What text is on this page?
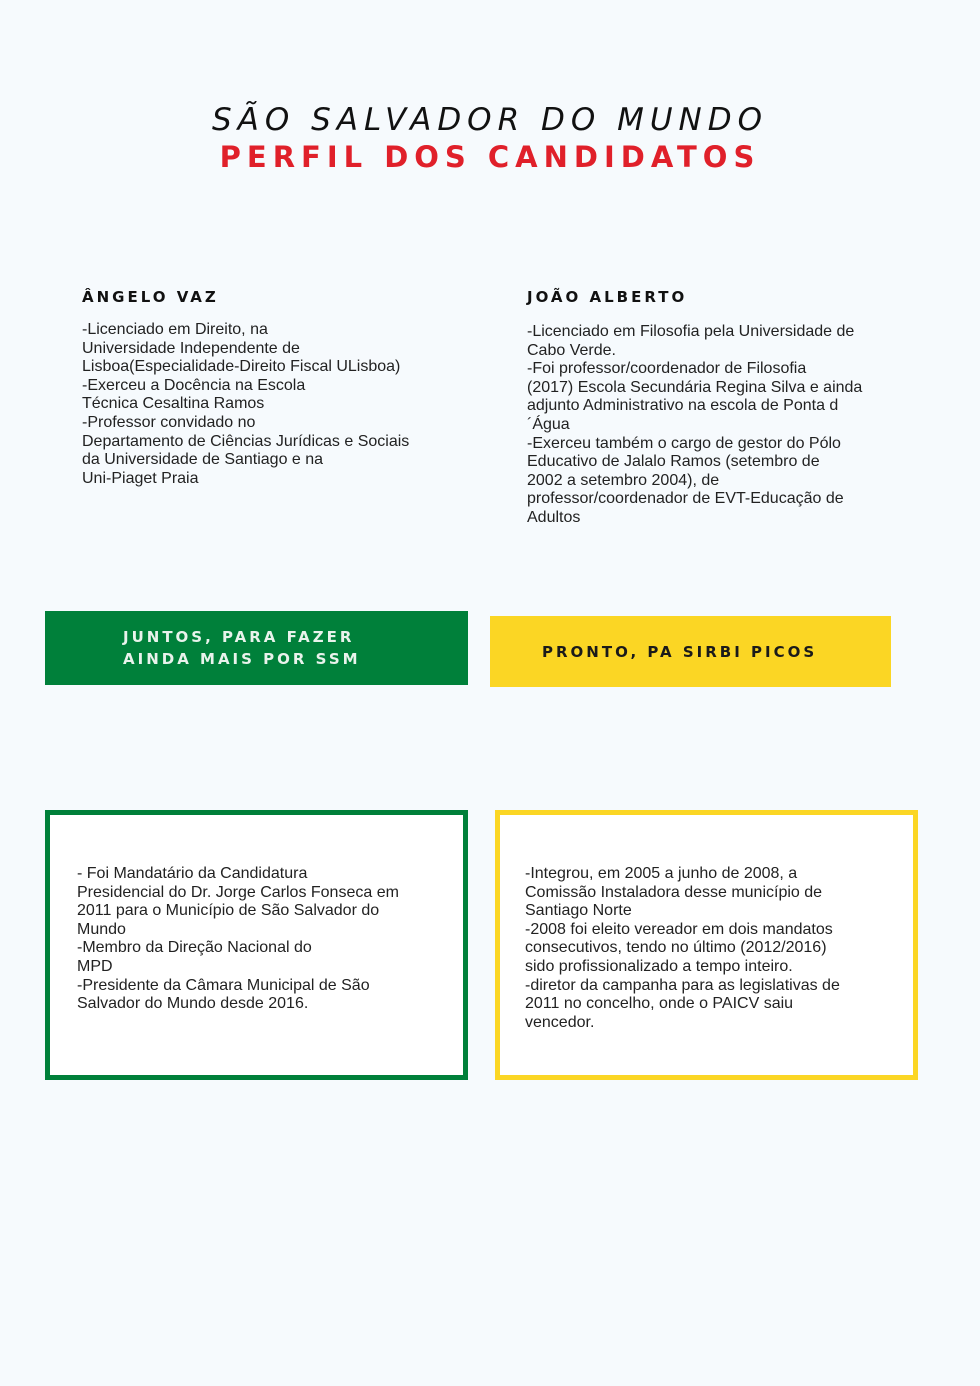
SÃO SALVADOR DO MUNDO
PERFIL DOS CANDIDATOS
ÂNGELO VAZ
-Licenciado em Direito, na
Universidade Independente de
Lisboa(Especialidade-Direito Fiscal ULisboa)
-Exerceu a Docência na Escola
Técnica Cesaltina Ramos
-Professor convidado no
Departamento de Ciências Jurídicas e Sociais
da Universidade de Santiago e na
Uni-Piaget Praia
JOÃO ALBERTO
-Licenciado em Filosofia pela Universidade de
Cabo Verde.
-Foi professor/coordenador de Filosofia
(2017) Escola Secundária Regina Silva e ainda
adjunto Administrativo na escola de Ponta d
´Água
-Exerceu também o cargo de gestor do Pólo
Educativo de Jalalo Ramos (setembro de
2002 a setembro 2004), de
professor/coordenador de EVT-Educação de
Adultos
JUNTOS, PARA FAZER
AINDA MAIS POR SSM	PRONTO, PA SIRBI PICOS
- Foi Mandatário da Candidatura
Presidencial do Dr. Jorge Carlos Fonseca em
2011 para o Município de São Salvador do
Mundo
-Membro da Direção Nacional do
MPD
-Presidente da Câmara Municipal de São
Salvador do Mundo desde 2016.
-Integrou, em 2005 a junho de 2008, a
Comissão Instaladora desse município de
Santiago Norte
-2008 foi eleito vereador em dois mandatos
consecutivos, tendo no último (2012/2016)
sido profissionalizado a tempo inteiro.
-diretor da campanha para as legislativas de
2011 no concelho, onde o PAICV saiu
vencedor.
